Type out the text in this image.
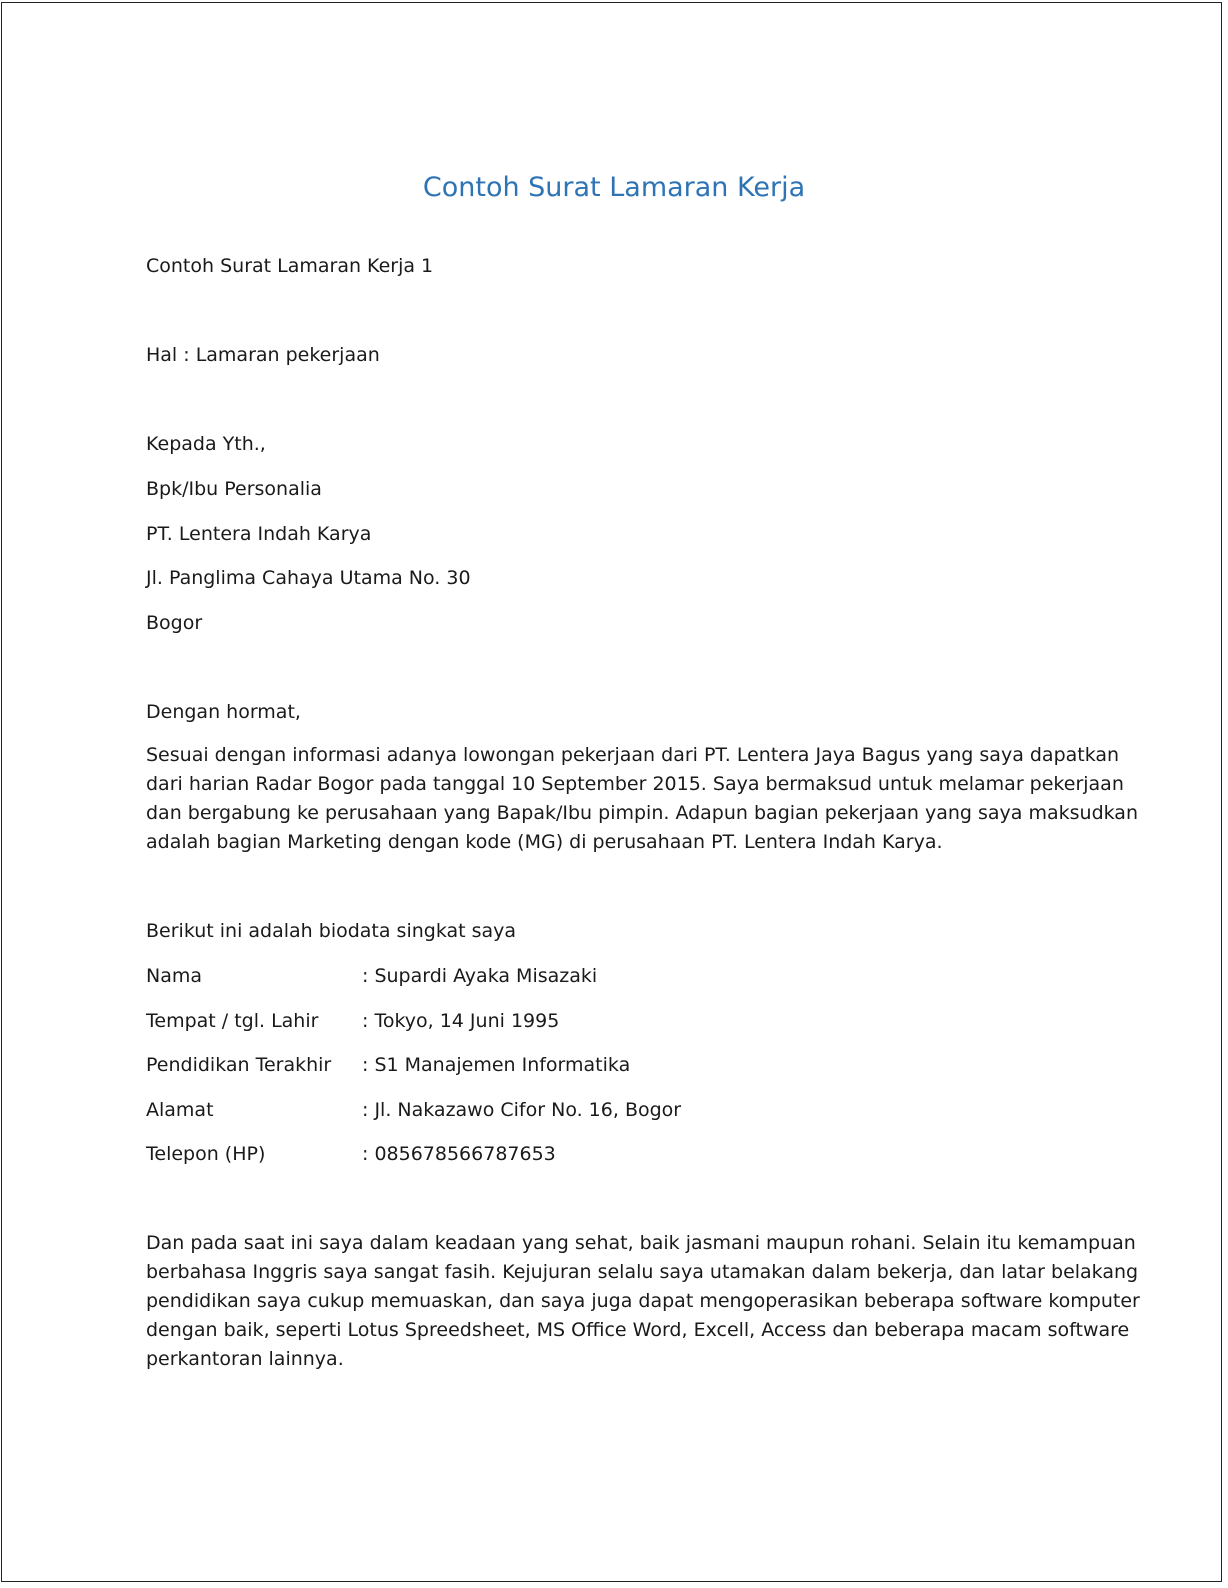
Contoh Surat Lamaran Kerja
Contoh Surat Lamaran Kerja 1
Hal : Lamaran pekerjaan
Kepada Yth.,
Bpk/Ibu Personalia
PT. Lentera Indah Karya
Jl. Panglima Cahaya Utama No. 30
Bogor
Dengan hormat,
Sesuai dengan informasi adanya lowongan pekerjaan dari PT. Lentera Jaya Bagus yang saya dapatkan
dari harian Radar Bogor pada tanggal 10 September 2015. Saya bermaksud untuk melamar pekerjaan
dan bergabung ke perusahaan yang Bapak/Ibu pimpin. Adapun bagian pekerjaan yang saya maksudkan
adalah bagian Marketing dengan kode (MG) di perusahaan PT. Lentera Indah Karya.
Berikut ini adalah biodata singkat saya
Nama	: Supardi Ayaka Misazaki
Tempat / tgl. Lahir : Tokyo, 14 Juni 1995
Pendidikan Terakhir : S1 Manajemen Informatika
Alamat	: Jl. Nakazawo Cifor No. 16, Bogor
Telepon (HP)	: 085678566787653
Dan pada saat ini saya dalam keadaan yang sehat, baik jasmani maupun rohani. Selain itu kemampuan
berbahasa Inggris saya sangat fasih. Kejujuran selalu saya utamakan dalam bekerja, dan latar belakang
pendidikan saya cukup memuaskan, dan saya juga dapat mengoperasikan beberapa software komputer
dengan baik, seperti Lotus Spreedsheet, MS Office Word, Excell, Access dan beberapa macam software
perkantoran lainnya.
